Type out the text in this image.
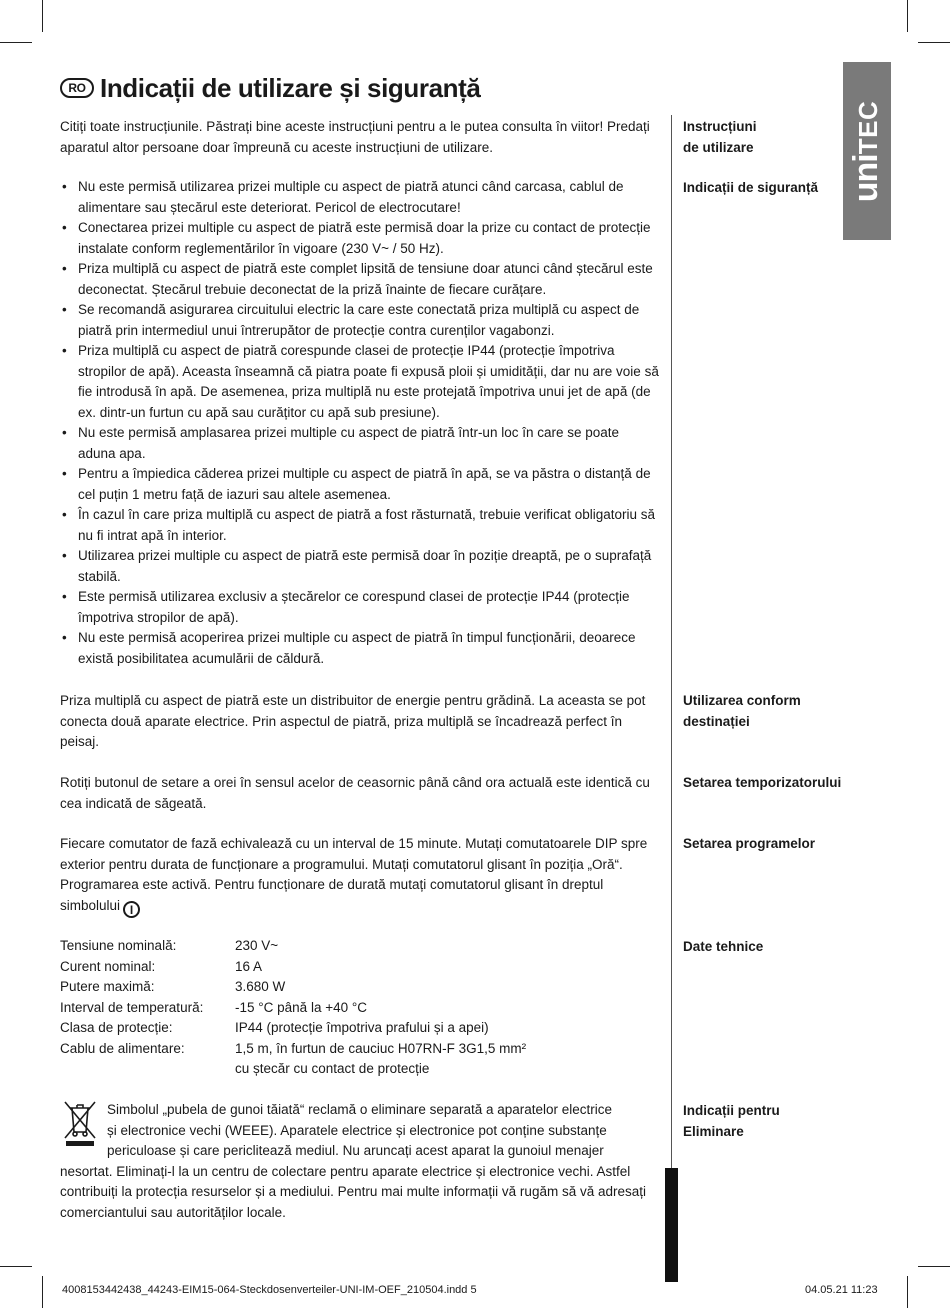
RO Indicații de utilizare și siguranță
uniTEC

Citiți toate instrucțiunile. Păstrați bine aceste instrucțiuni pentru a le putea consulta în viitor! Predați aparatul altor persoane doar împreună cu aceste instrucțiuni de utilizare.

• Nu este permisă utilizarea prizei multiple cu aspect de piatră atunci când carcasa, cablul de alimentare sau ștecărul este deteriorat. Pericol de electrocutare!
• Conectarea prizei multiple cu aspect de piatră este permisă doar la prize cu contact de protecție instalate conform reglementărilor în vigoare (230 V~ / 50 Hz).
• Priza multiplă cu aspect de piatră este complet lipsită de tensiune doar atunci când ștecărul este deconectat. Ștecărul trebuie deconectat de la priză înainte de fiecare curățare.
• Se recomandă asigurarea circuitului electric la care este conectată priza multiplă cu aspect de piatră prin intermediul unui întrerupător de protecție contra curenților vagabonzi.
• Priza multiplă cu aspect de piatră corespunde clasei de protecție IP44 (protecție împotriva stropilor de apă). Aceasta înseamnă că piatra poate fi expusă ploii și umidității, dar nu are voie să fie introdusă în apă. De asemenea, priza multiplă nu este protejată împotriva unui jet de apă (de ex. dintr-un furtun cu apă sau curățitor cu apă sub presiune).
• Nu este permisă amplasarea prizei multiple cu aspect de piatră într-un loc în care se poate aduna apa.
• Pentru a împiedica căderea prizei multiple cu aspect de piatră în apă, se va păstra o distanță de cel puțin 1 metru față de iazuri sau altele asemenea.
• În cazul în care priza multiplă cu aspect de piatră a fost răsturnată, trebuie verificat obligatoriu să nu fi intrat apă în interior.
• Utilizarea prizei multiple cu aspect de piatră este permisă doar în poziție dreaptă, pe o suprafață stabilă.
• Este permisă utilizarea exclusiv a ștecărelor ce corespund clasei de protecție IP44 (protecție împotriva stropilor de apă).
• Nu este permisă acoperirea prizei multiple cu aspect de piatră în timpul funcționării, deoarece există posibilitatea acumulării de căldură.

Priza multiplă cu aspect de piatră este un distribuitor de energie pentru grădină. La aceasta se pot conecta două aparate electrice. Prin aspectul de piatră, priza multiplă se încadrează perfect în peisaj.

Rotiți butonul de setare a orei în sensul acelor de ceasornic până când ora actuală este identică cu cea indicată de săgeată.

Fiecare comutator de fază echivalează cu un interval de 15 minute. Mutați comutatoarele DIP spre exterior pentru durata de funcționare a programului. Mutați comutatorul glisant în poziția „Oră“. Programarea este activă. Pentru funcționare de durată mutați comutatorul glisant în dreptul simbolului I

Tensiune nominală:	230 V~
Curent nominal:	16 A
Putere maximă:	3.680 W
Interval de temperatură:	-15 °C până la +40 °C
Clasa de protecție:	IP44 (protecție împotriva prafului și a apei)
Cablu de alimentare:	1,5 m, în furtun de cauciuc H07RN-F 3G1,5 mm²
	cu ștecăr cu contact de protecție
Simbolul „pubela de gunoi tăiată“ reclamă o eliminare separată a aparatelor electrice
și electronice vechi (WEEE). Aparatele electrice și electronice pot conține substanțe
periculoase și care periclitează mediul. Nu aruncați acest aparat la gunoiul menajer
nesortat. Eliminați-l la un centru de colectare pentru aparate electrice și electronice vechi. Astfel contribuiți la protecția resurselor și a mediului. Pentru mai multe informații vă rugăm să vă adresați comerciantului sau autorităților locale.
Instrucțiuni de utilizare
Indicații de siguranță
Utilizarea conform destinației
Setarea temporizatorului
Setarea programelor
Date tehnice
Indicații pentru Eliminare
4008153442438_44243-EIM15-064-Steckdosenverteiler-UNI-IM-OEF_210504.indd 5	04.05.21 11:23
